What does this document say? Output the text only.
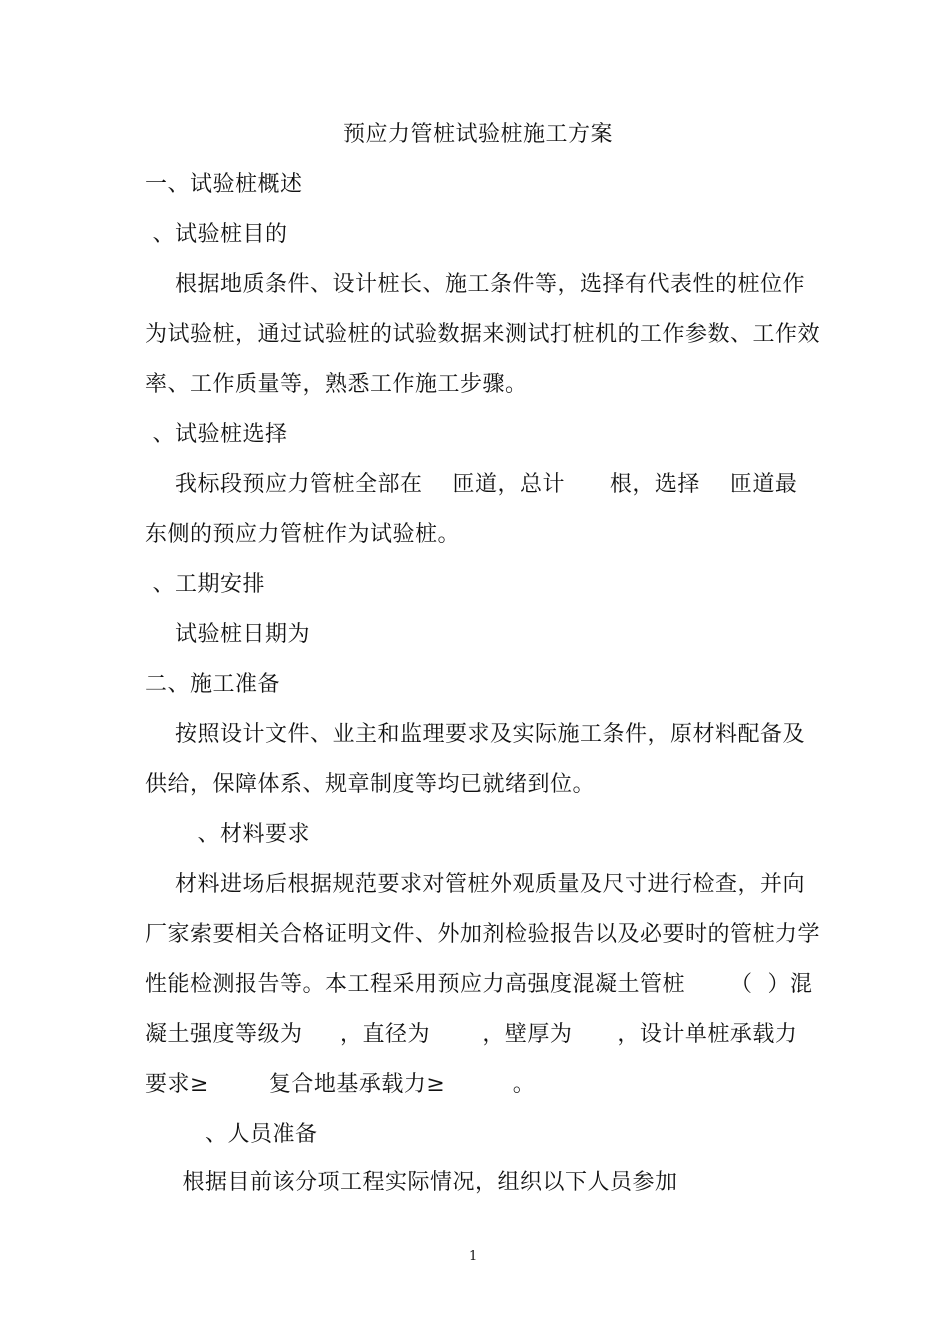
预应力管桩试验桩施工方案
一、试验桩概述
、试验桩目的
根据地质条件、设计桩长、施工条件等，选择有代表性的桩位作
为试验桩，通过试验桩的试验数据来测试打桩机的工作参数、工作效
率、工作质量等，熟悉工作施工步骤。
、试验桩选择
我标段预应力管桩全部在    匝道，总计      根，选择    匝道最
东侧的预应力管桩作为试验桩。
、工期安排
试验桩日期为
二、施工准备
按照设计文件、业主和监理要求及实际施工条件，原材料配备及
供给，保障体系、规章制度等均已就绪到位。
、材料要求
材料进场后根据规范要求对管桩外观质量及尺寸进行检查，并向
厂家索要相关合格证明文件、外加剂检验报告以及必要时的管桩力学
性能检测报告等。本工程采用预应力高强度混凝土管桩      （  ）混
凝土强度等级为     ，直径为       ，壁厚为      ，设计单桩承载力
要求≥        复合地基承载力≥         。
、人员准备
根据目前该分项工程实际情况，组织以下人员参加
1
